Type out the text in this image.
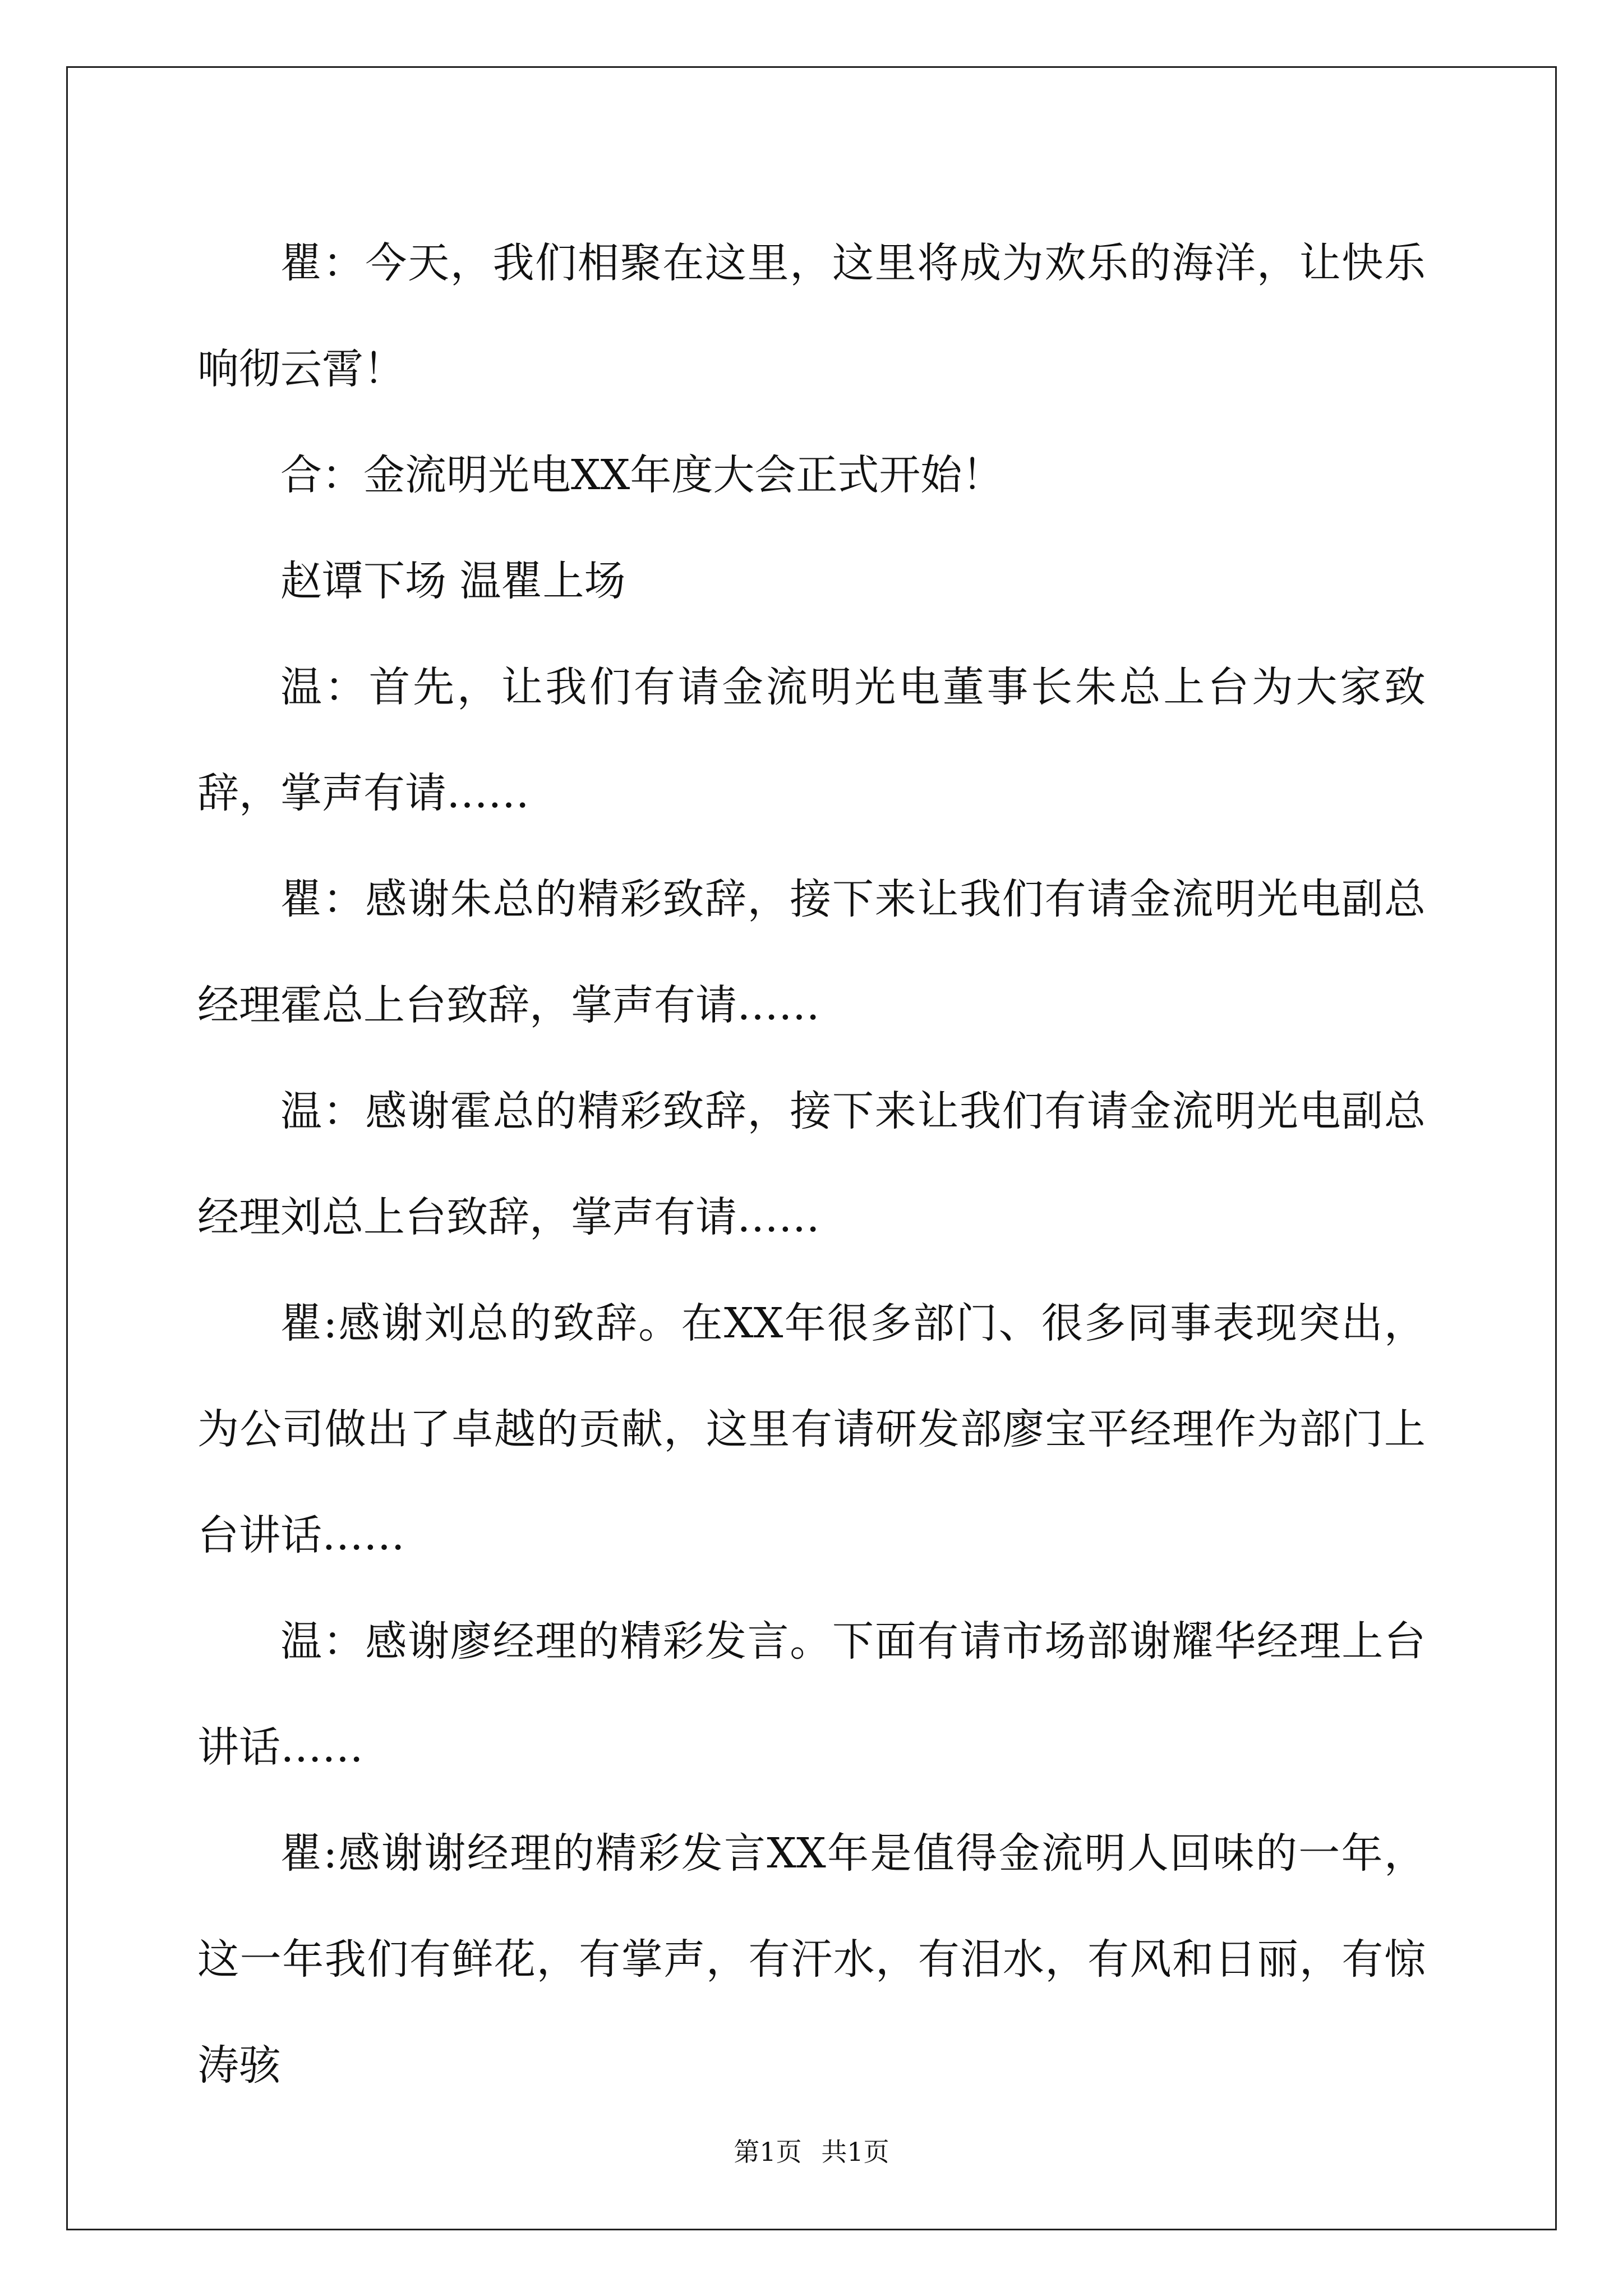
瞿：今天，我们相聚在这里，这里将成为欢乐的海洋，让快乐响彻云霄！

合：金流明光电XX年度大会正式开始！

赵谭下场 温瞿上场

温：首先，让我们有请金流明光电董事长朱总上台为大家致辞，掌声有请……

瞿：感谢朱总的精彩致辞，接下来让我们有请金流明光电副总经理霍总上台致辞，掌声有请……

温：感谢霍总的精彩致辞，接下来让我们有请金流明光电副总经理刘总上台致辞，掌声有请……

瞿:感谢刘总的致辞。在XX年很多部门、很多同事表现突出，为公司做出了卓越的贡献，这里有请研发部廖宝平经理作为部门上台讲话……

温：感谢廖经理的精彩发言。下面有请市场部谢耀华经理上台讲话……

瞿:感谢谢经理的精彩发言XX年是值得金流明人回味的一年，这一年我们有鲜花，有掌声，有汗水，有泪水，有风和日丽，有惊涛骇

第1页 共1页
